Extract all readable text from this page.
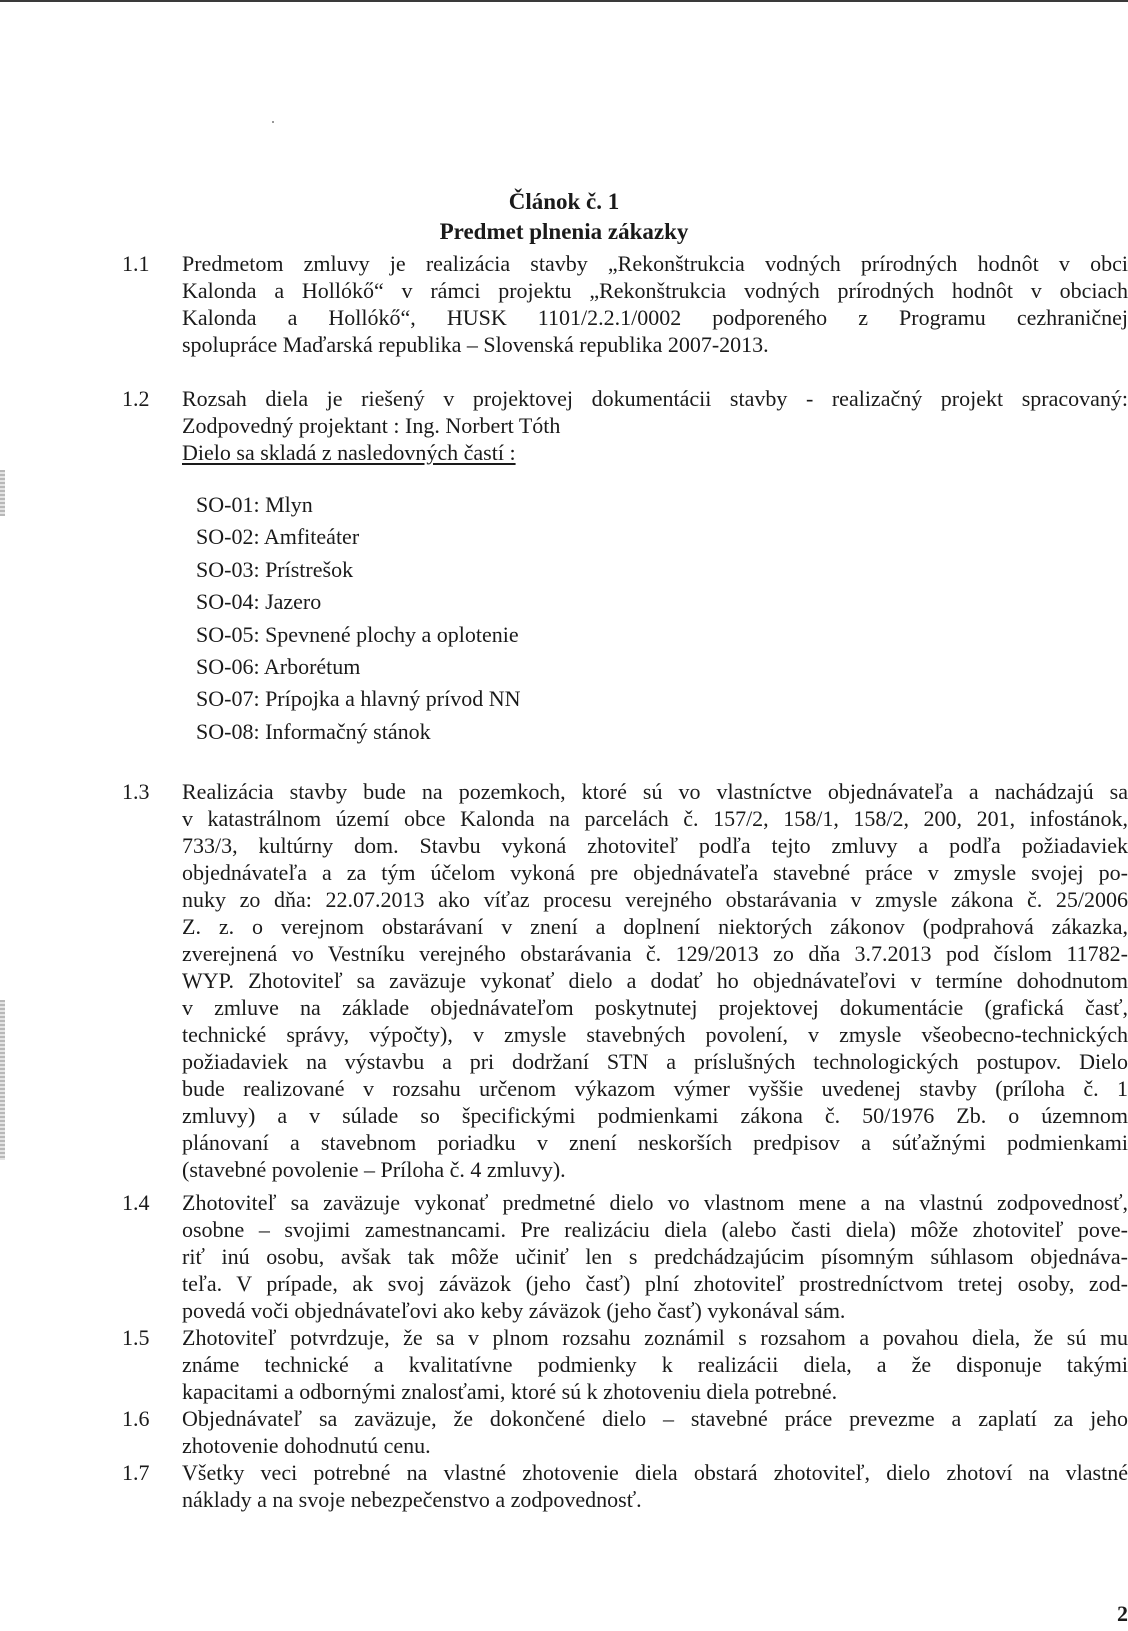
Článok č. 1
Predmet plnenia zákazky
1.1	Predmetom zmluvy je realizácia stavby „Rekonštrukcia vodných prírodných hodnôt v obci
Kalonda a Hollókő“ v rámci projektu „Rekonštrukcia vodných prírodných hodnôt v obciach
Kalonda a Hollókő“, HUSK 1101/2.2.1/0002 podporeného z Programu cezhraničnej
spolupráce Maďarská republika – Slovenská republika 2007-2013.
1.2	Rozsah diela je riešený v projektovej dokumentácii stavby - realizačný projekt spracovaný:
Zodpovedný projektant : Ing. Norbert Tóth
Dielo sa skladá z nasledovných častí :
SO-01: Mlyn
SO-02: Amfiteáter
SO-03: Prístrešok
SO-04: Jazero
SO-05: Spevnené plochy a oplotenie
SO-06: Arborétum
SO-07: Prípojka a hlavný prívod NN
SO-08: Informačný stánok
1.3	Realizácia stavby bude na pozemkoch, ktoré sú vo vlastníctve objednávateľa a nachádzajú sa
v katastrálnom území obce Kalonda na parcelách č. 157/2, 158/1, 158/2, 200, 201, infostánok,
733/3, kultúrny dom. Stavbu vykoná zhotoviteľ podľa tejto zmluvy a podľa požiadaviek
objednávateľa a za tým účelom vykoná pre objednávateľa stavebné práce v zmysle svojej po-
nuky zo dňa: 22.07.2013 ako víťaz procesu verejného obstarávania v zmysle zákona č. 25/2006
Z. z. o verejnom obstarávaní v znení a doplnení niektorých zákonov (podprahová zákazka,
zverejnená vo Vestníku verejného obstarávania č. 129/2013 zo dňa 3.7.2013 pod číslom 11782-
WYP. Zhotoviteľ sa zaväzuje vykonať dielo a dodať ho objednávateľovi v termíne dohodnutom
v zmluve na základe objednávateľom poskytnutej projektovej dokumentácie (grafická časť,
technické správy, výpočty), v zmysle stavebných povolení, v zmysle všeobecno-technických
požiadaviek na výstavbu a pri dodržaní STN a príslušných technologických postupov. Dielo
bude realizované v rozsahu určenom výkazom výmer vyššie uvedenej stavby (príloha č. 1
zmluvy) a v súlade so špecifickými podmienkami zákona č. 50/1976 Zb. o územnom
plánovaní a stavebnom poriadku v znení neskorších predpisov a súťažnými podmienkami
(stavebné povolenie – Príloha č. 4 zmluvy).
1.4	Zhotoviteľ sa zaväzuje vykonať predmetné dielo vo vlastnom mene a na vlastnú zodpovednosť,
osobne – svojimi zamestnancami. Pre realizáciu diela (alebo časti diela) môže zhotoviteľ pove-
riť inú osobu, avšak tak môže učiniť len s predchádzajúcim písomným súhlasom objednáva-
teľa. V prípade, ak svoj záväzok (jeho časť) plní zhotoviteľ prostredníctvom tretej osoby, zod-
povedá voči objednávateľovi ako keby záväzok (jeho časť) vykonával sám.
1.5	Zhotoviteľ potvrdzuje, že sa v plnom rozsahu zoznámil s rozsahom a povahou diela, že sú mu
známe technické a kvalitatívne podmienky k realizácii diela, a že disponuje takými
kapacitami a odbornými znalosťami, ktoré sú k zhotoveniu diela potrebné.
1.6	Objednávateľ sa zaväzuje, že dokončené dielo – stavebné práce prevezme a zaplatí za jeho
zhotovenie dohodnutú cenu.
1.7	Všetky veci potrebné na vlastné zhotovenie diela obstará zhotoviteľ, dielo zhotoví na vlastné
náklady a na svoje nebezpečenstvo a zodpovednosť.
2
